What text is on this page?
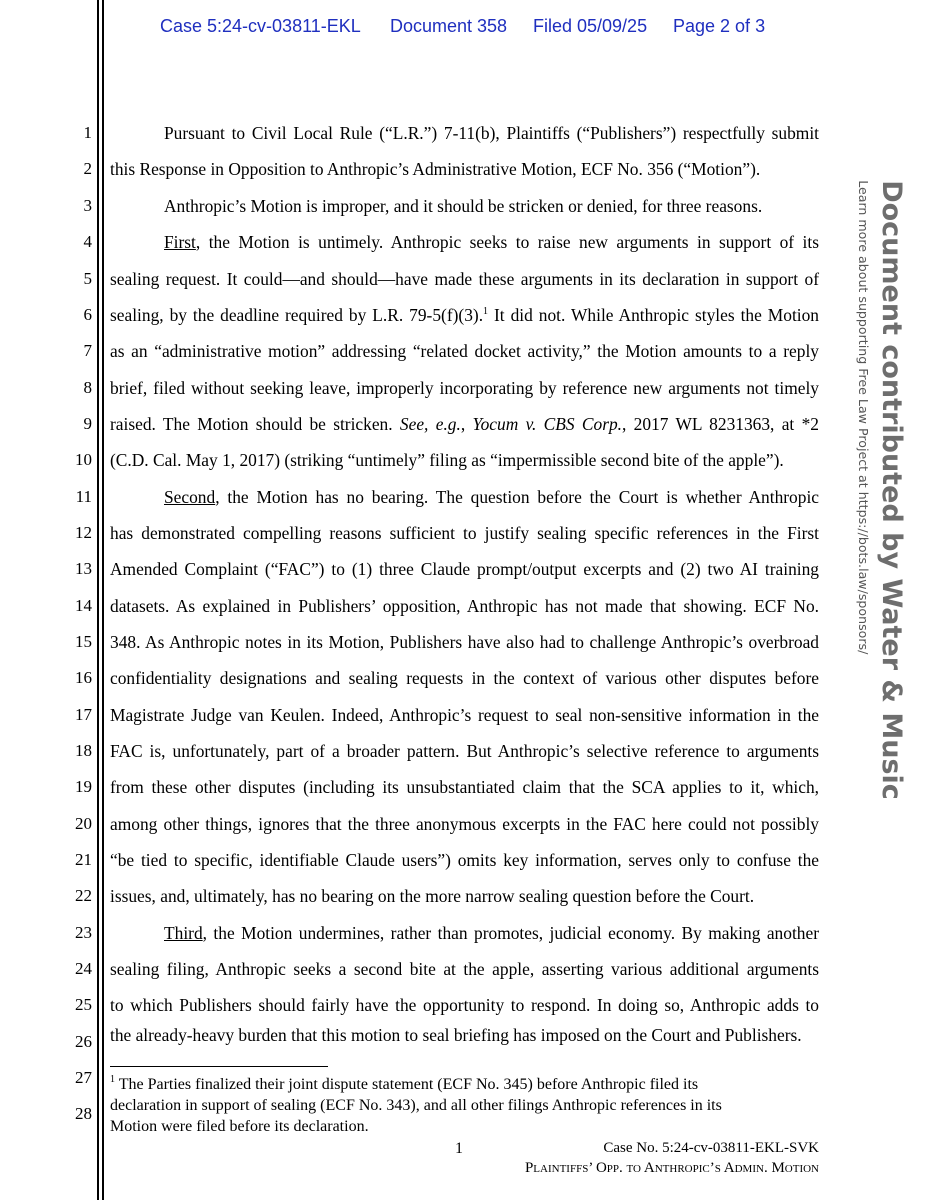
Case 5:24-cv-03811-EKL Document 358 Filed 05/09/25 Page 2 of 3
1
2
3
4
5
6
7
8
9
10
11
12
13
14
15
16
17
18
19
20
21
22
23
24
25
26
27
28
Pursuant to Civil Local Rule (“L.R.”) 7-11(b), Plaintiffs (“Publishers”) respectfully submit
this Response in Opposition to Anthropic’s Administrative Motion, ECF No. 356 (“Motion”).
Anthropic’s Motion is improper, and it should be stricken or denied, for three reasons.
First, the Motion is untimely. Anthropic seeks to raise new arguments in support of its
sealing request. It could—and should—have made these arguments in its declaration in support of
sealing, by the deadline required by L.R. 79-5(f)(3).$^1$ It did not. While Anthropic styles the Motion
as an “administrative motion” addressing “related docket activity,” the Motion amounts to a reply
brief, filed without seeking leave, improperly incorporating by reference new arguments not timely
raised. The Motion should be stricken. See, e.g., Yocum v. CBS Corp., 2017 WL 8231363, at *2
(C.D. Cal. May 1, 2017) (striking “untimely” filing as “impermissible second bite of the apple”).
Second, the Motion has no bearing. The question before the Court is whether Anthropic
has demonstrated compelling reasons sufficient to justify sealing specific references in the First
Amended Complaint (“FAC”) to (1) three Claude prompt/output excerpts and (2) two AI training
datasets. As explained in Publishers’ opposition, Anthropic has not made that showing. ECF No.
348. As Anthropic notes in its Motion, Publishers have also had to challenge Anthropic’s overbroad
confidentiality designations and sealing requests in the context of various other disputes before
Magistrate Judge van Keulen. Indeed, Anthropic’s request to seal non-sensitive information in the
FAC is, unfortunately, part of a broader pattern. But Anthropic’s selective reference to arguments
from these other disputes (including its unsubstantiated claim that the SCA applies to it, which,
among other things, ignores that the three anonymous excerpts in the FAC here could not possibly
“be tied to specific, identifiable Claude users”) omits key information, serves only to confuse the
issues, and, ultimately, has no bearing on the more narrow sealing question before the Court.
Third, the Motion undermines, rather than promotes, judicial economy. By making another
sealing filing, Anthropic seeks a second bite at the apple, asserting various additional arguments
to which Publishers should fairly have the opportunity to respond. In doing so, Anthropic adds to
the already-heavy burden that this motion to seal briefing has imposed on the Court and Publishers.
$^1$ The Parties finalized their joint dispute statement (ECF No. 345) before Anthropic filed its
declaration in support of sealing (ECF No. 343), and all other filings Anthropic references in its
Motion were filed before its declaration.
1	Case No. 5:24-cv-03811-EKL-SVK
Plaintiffs’ Opp. to Anthropic’s Admin. Motion
Document contributed by Water & Music
Learn more about supporting Free Law Project at https://bots.law/sponsors/
